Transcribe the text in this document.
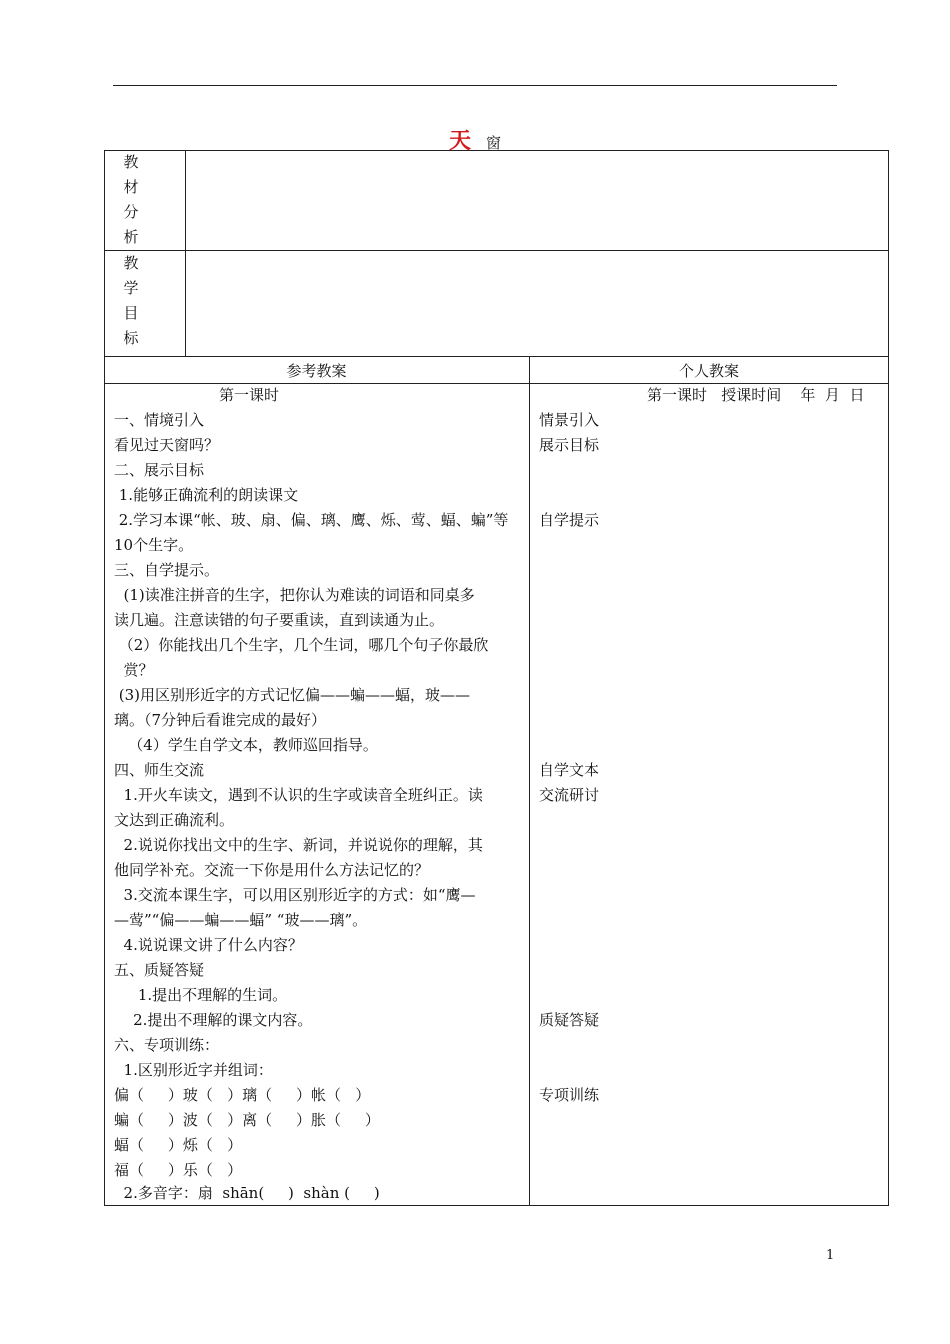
天 窗
教
材
分
析
教
学
目
标
参考教案	个人教案
第一课时
一、情境引入
看见过天窗吗？
二、展示目标
1.能够正确流利的朗读课文
2.学习本课“帐、玻、扇、偏、璃、鹰、烁、莺、蝠、蝙”等
10个生字。
三、自学提示。
(1)读准注拼音的生字，把你认为难读的词语和同桌多
读几遍。注意读错的句子要重读，直到读通为止。
（2）你能找出几个生字，几个生词，哪几个句子你最欣
赏？
(3)用区别形近字的方式记忆偏——蝙——蝠，玻——
璃。（7分钟后看谁完成的最好）
（4）学生自学文本，教师巡回指导。
四、师生交流
1.开火车读文，遇到不认识的生字或读音全班纠正。读
文达到正确流利。
2.说说你找出文中的生字、新词，并说说你的理解，其
他同学补充。交流一下你是用什么方法记忆的？
3.交流本课生字，可以用区别形近字的方式：如“鹰—
—莺”“偏——蝙——蝠” “玻——璃”。
4.说说课文讲了什么内容？
五、质疑答疑
1.提出不理解的生词。
2.提出不理解的课文内容。
六、专项训练：
1.区别形近字并组词：
偏（     ）玻（   ）璃（     ）帐（   ）
蝙（     ）波（   ）离（     ）胀（     ）
蝠（     ）烁（   ）
福（     ）乐（   ）
2.多音字：扇  shān(     )  shàn (     )
第一课时   授课时间    年  月  日
情景引入
展示目标
自学提示
自学文本
交流研讨
质疑答疑
专项训练
1
